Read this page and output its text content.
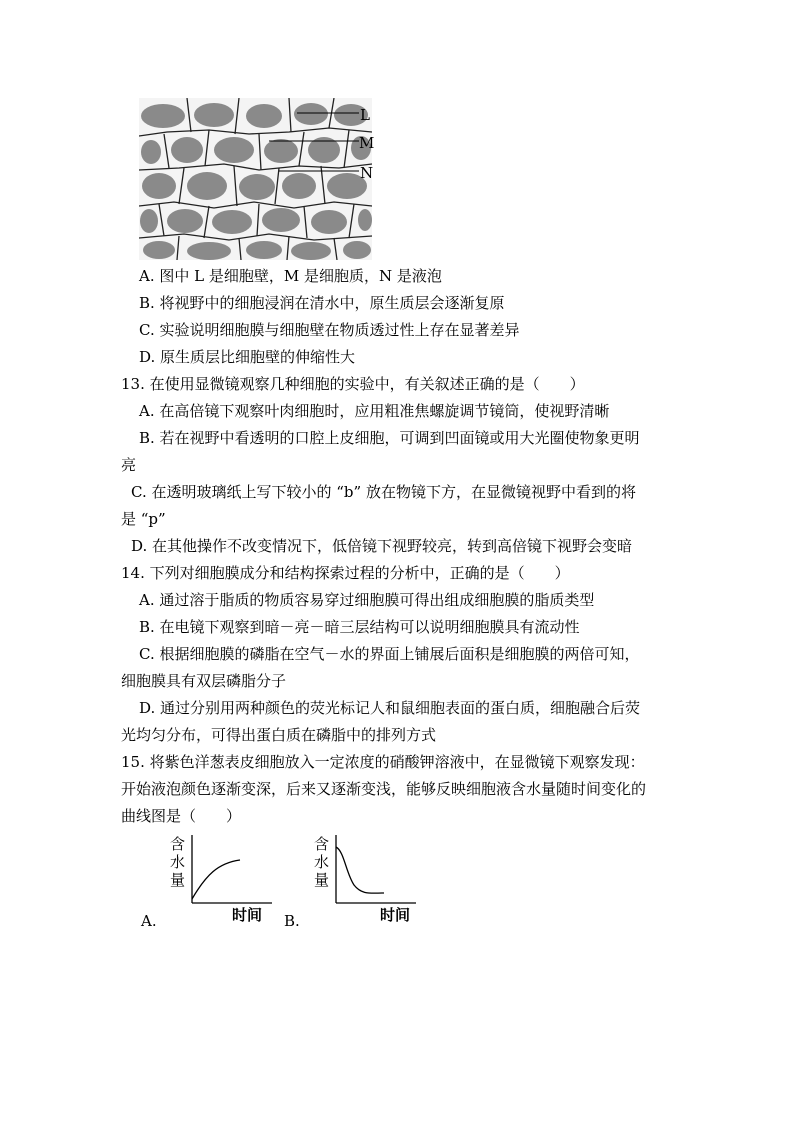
L
M
N
A. 图中 L 是细胞壁，M 是细胞质，N 是液泡
B. 将视野中的细胞浸润在清水中，原生质层会逐渐复原
C. 实验说明细胞膜与细胞壁在物质透过性上存在显著差异
D. 原生质层比细胞壁的伸缩性大
13. 在使用显微镜观察几种细胞的实验中，有关叙述正确的是（　　）
A. 在高倍镜下观察叶肉细胞时，应用粗准焦螺旋调节镜筒，使视野清晰
B. 若在视野中看透明的口腔上皮细胞，可调到凹面镜或用大光圈使物象更明
亮
C. 在透明玻璃纸上写下较小的 “b” 放在物镜下方，在显微镜视野中看到的将
是 “p”
D. 在其他操作不改变情况下，低倍镜下视野较亮，转到高倍镜下视野会变暗
14. 下列对细胞膜成分和结构探索过程的分析中，正确的是（　　）
A. 通过溶于脂质的物质容易穿过细胞膜可得出组成细胞膜的脂质类型
B. 在电镜下观察到暗－亮－暗三层结构可以说明细胞膜具有流动性
C. 根据细胞膜的磷脂在空气－水的界面上铺展后面积是细胞膜的两倍可知，
细胞膜具有双层磷脂分子
D. 通过分别用两种颜色的荧光标记人和鼠细胞表面的蛋白质，细胞融合后荧
光均匀分布，可得出蛋白质在磷脂中的排列方式
15. 将紫色洋葱表皮细胞放入一定浓度的硝酸钾溶液中，在显微镜下观察发现：
开始液泡颜色逐渐变深，后来又逐渐变浅，能够反映细胞液含水量随时间变化的
曲线图是（　　）
含
水
量
时间
A.
含
水
量
时间
B.
